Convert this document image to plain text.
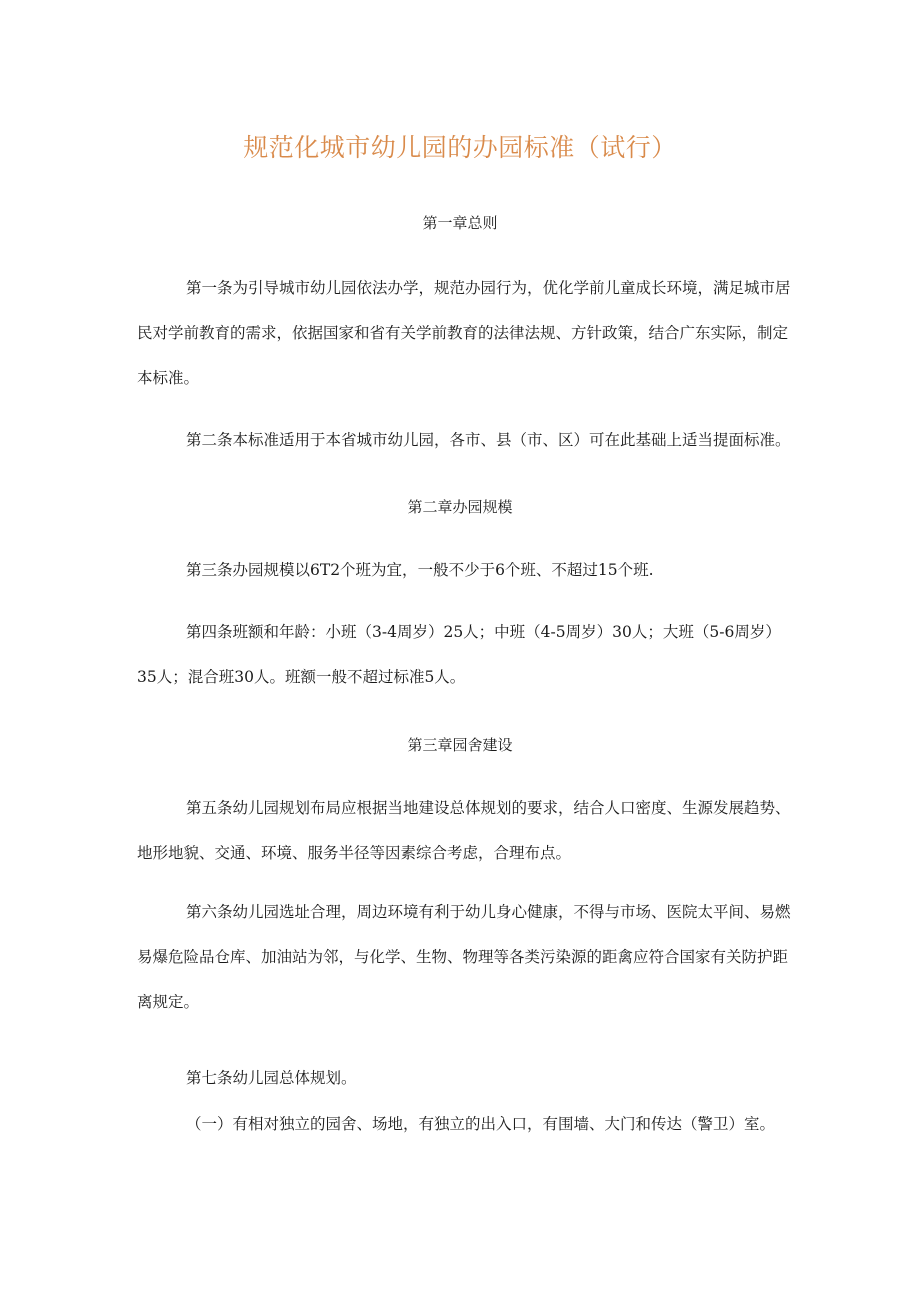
规范化城市幼儿园的办园标准（试行）
第一章总则

第一条为引导城市幼儿园依法办学，规范办园行为，优化学前儿童成长环境，满足城市居
民对学前教育的需求，依据国家和省有关学前教育的法律法规、方针政策，结合广东实际，制定
本标准。

第二条本标准适用于本省城市幼儿园，各市、县（市、区）可在此基础上适当提面标准。

第二章办园规模

第三条办园规模以6T2个班为宜，一般不少于6个班、不超过15个班.

第四条班额和年龄：小班（3-4周岁）25人；中班（4-5周岁）30人；大班（5-6周岁）
35人；混合班30人。班额一般不超过标准5人。

第三章园舍建设

第五条幼儿园规划布局应根据当地建设总体规划的要求，结合人口密度、生源发展趋势、
地形地貌、交通、环境、服务半径等因素综合考虑，合理布点。

第六条幼儿园选址合理，周边环境有利于幼儿身心健康，不得与市场、医院太平间、易燃
易爆危险品仓库、加油站为邻，与化学、生物、物理等各类污染源的距禽应符合国家有关防护距
离规定。

第七条幼儿园总体规划。

（一）有相对独立的园舍、场地，有独立的出入口，有围墙、大门和传达（警卫）室。
